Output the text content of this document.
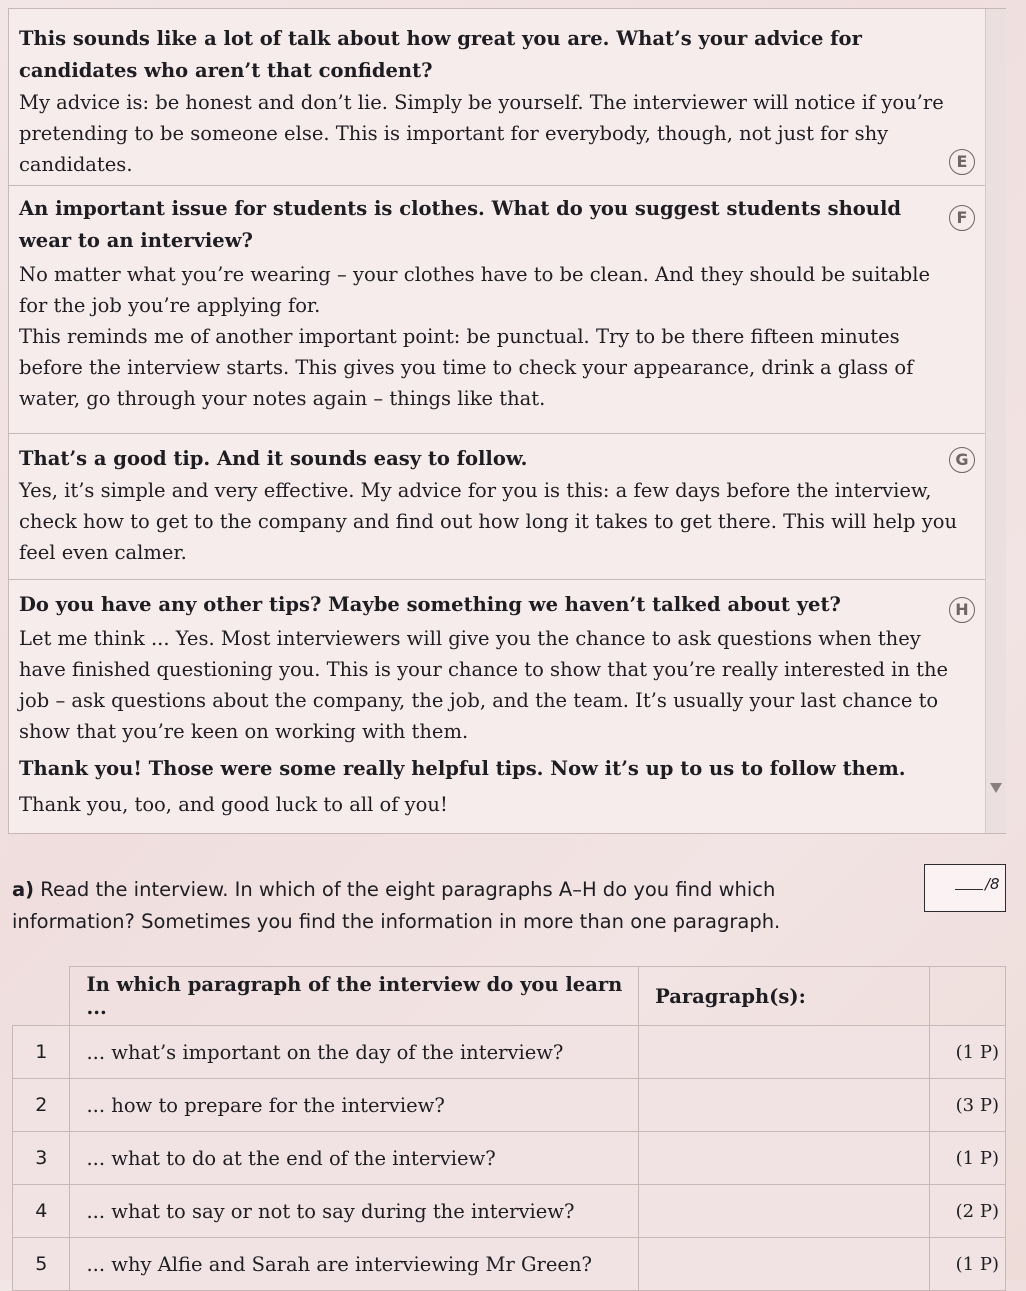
This sounds like a lot of talk about how great you are. What’s your advice for candidates who aren’t that confident?

My advice is: be honest and don’t lie. Simply be yourself. The interviewer will notice if you’re pretending to be someone else. This is important for everybody, though, not just for shy candidates.	E

An important issue for students is clothes. What do you suggest students should wear to an interview?

No matter what you’re wearing – your clothes have to be clean. And they should be suitable for the job you’re applying for.

This reminds me of another important point: be punctual. Try to be there fifteen minutes before the interview starts. This gives you time to check your appearance, drink a glass of water, go through your notes again – things like that.

F

That’s a good tip. And it sounds easy to follow.

Yes, it’s simple and very effective. My advice for you is this: a few days before the interview, check how to get to the company and find out how long it takes to get there. This will help you feel even calmer.

G

Do you have any other tips? Maybe something we haven’t talked about yet?

Let me think ... Yes. Most interviewers will give you the chance to ask questions when they have finished questioning you. This is your chance to show that you’re really interested in the job – ask questions about the company, the job, and the team. It’s usually your last chance to show that you’re keen on working with them.

Thank you! Those were some really helpful tips. Now it’s up to us to follow them.

Thank you, too, and good luck to all of you!

H
a) Read the interview. In which of the eight paragraphs A–H do you find which information? Sometimes you find the information in more than one paragraph.
/8
	In which paragraph of the interview do you learn ...	Paragraph(s):	
1	... what’s important on the day of the interview?		(1 P)
2	... how to prepare for the interview?		(3 P)
3	... what to do at the end of the interview?		(1 P)
4	... what to say or not to say during the interview?		(2 P)
5	... why Alfie and Sarah are interviewing Mr Green?		(1 P)
